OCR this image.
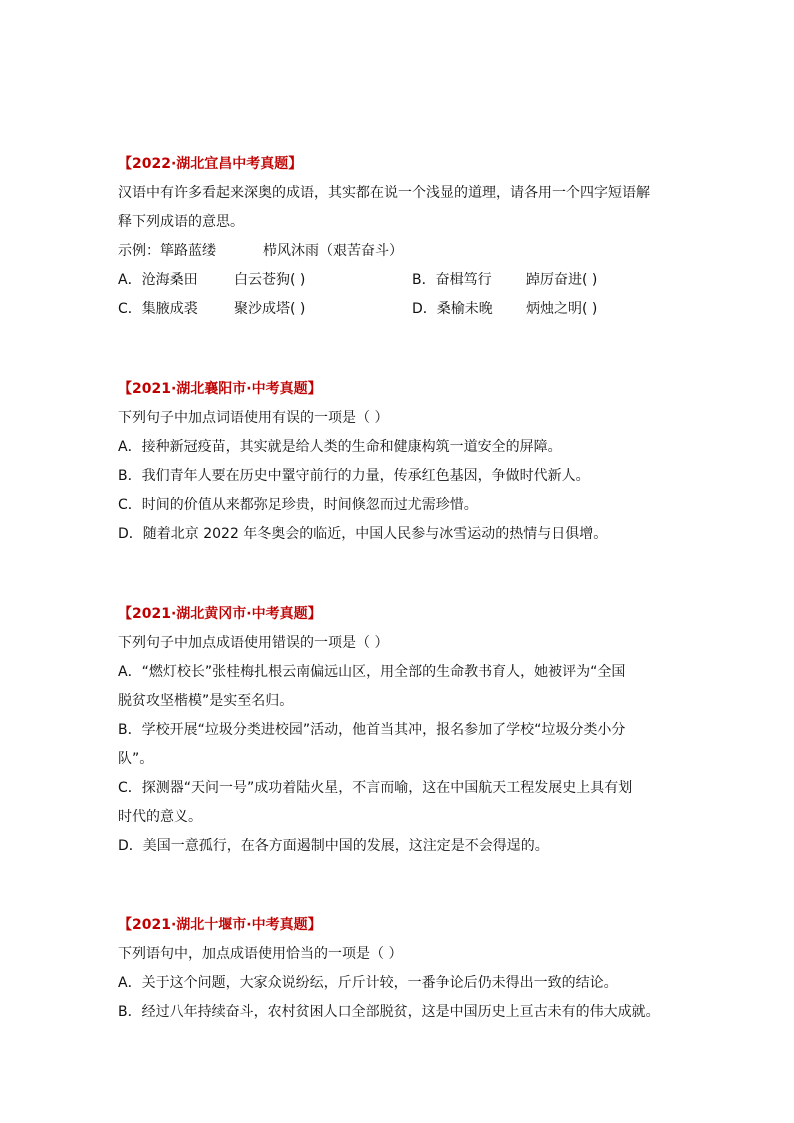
【2022·湖北宜昌中考真题】
汉语中有许多看起来深奥的成语，其实都在说一个浅显的道理，请各用一个四字短语解
释下列成语的意思。
示例：筚路蓝缕	栉风沐雨（艰苦奋斗）
A．沧海桑田	白云苍狗( )	B．奋楫笃行 踔厉奋进( )
C．集腋成裘	聚沙成塔( )	D．桑榆未晚 炳烛之明( )
【2021·湖北襄阳市·中考真题】
下列句子中加点词语使用有误的一项是（ ）
A．接种新冠疫苗，其实就是给人类的生命和健康构筑一道安全的屏障。
B．我们青年人要在历史中罿守前行的力量，传承红色基因，争做时代新人。
C．时间的价值从来都弥足珍贵，时间倏忽而过尤需珍惜。
D．随着北京 2022 年冬奥会的临近，中国人民参与冰雪运动的热情与日俱增。
【2021·湖北黄冈市·中考真题】
下列句子中加点成语使用错误的一项是（ ）
A．“燃灯校长”张桂梅扎根云南偏远山区，用全部的生命教书育人，她被评为“全国
脱贫攻坚楷模”是实至名归。
B．学校开展“垃圾分类进校园”活动，他首当其冲，报名参加了学校“垃圾分类小分
队”。
C．探测器“天问一号”成功着陆火星，不言而喻，这在中国航天工程发展史上具有划
时代的意义。
D．美国一意孤行，在各方面遏制中国的发展，这注定是不会得逞的。
【2021·湖北十堰市·中考真题】
下列语句中，加点成语使用恰当的一项是（ ）
A．关于这个问题，大家众说纷纭，斤斤计较，一番争论后仍未得出一致的结论。
B．经过八年持续奋斗，农村贫困人口全部脱贫，这是中国历史上亘古未有的伟大成就。
